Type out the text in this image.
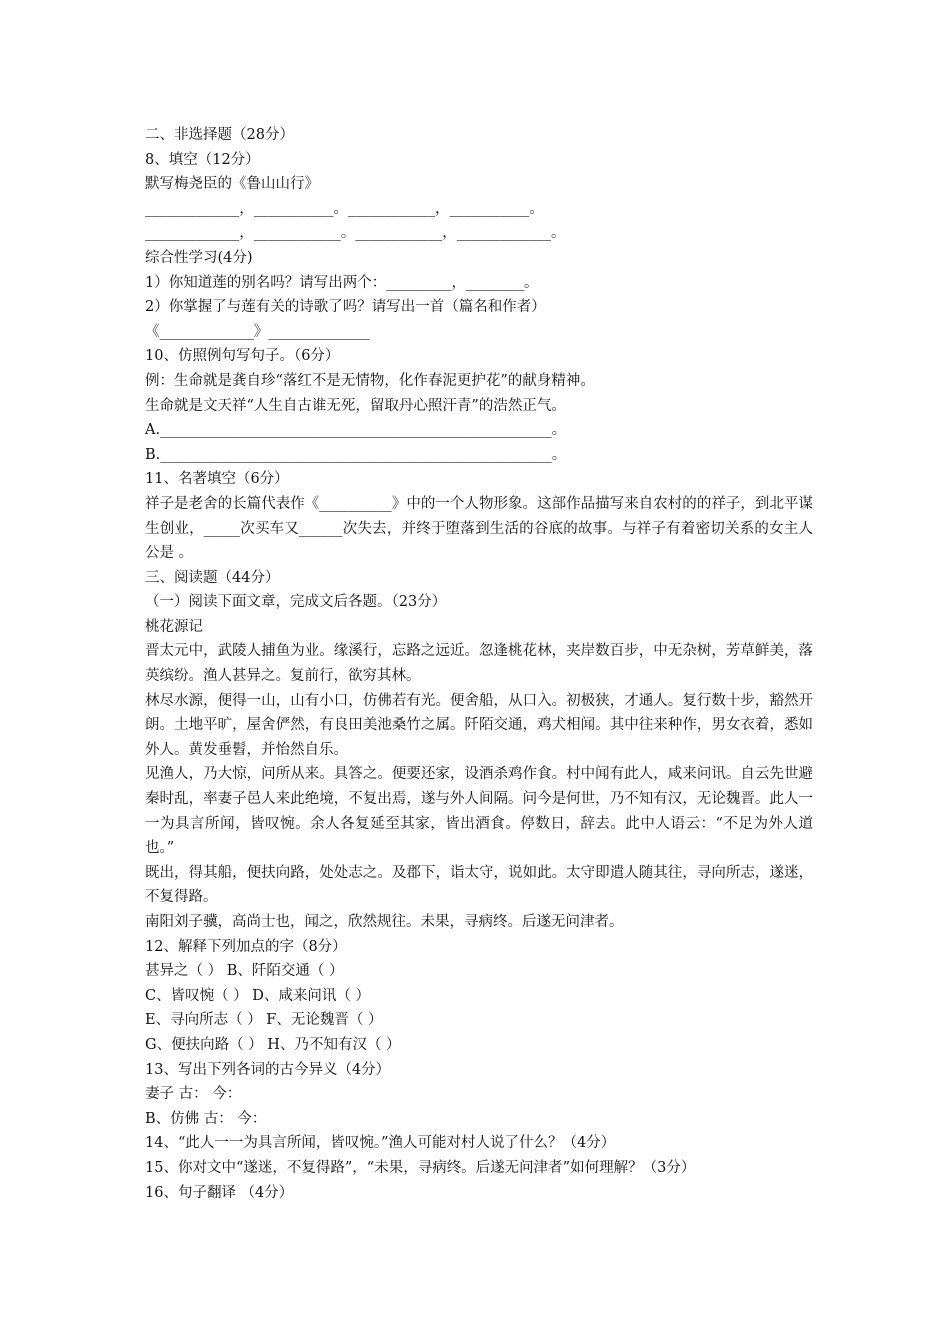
二、非选择题（28分）
8、填空（12分）
默写梅尧臣的《鲁山山行》
_____________，___________。____________，___________。
_____________，____________。____________，_____________。
综合性学习(4分)
1）你知道莲的别名吗？请写出两个：_________，________。
2）你掌握了与莲有关的诗歌了吗？请写出一首（篇名和作者）
《_____________》______________
10、仿照例句写句子。（6分）
例：生命就是龚自珍“落红不是无情物，化作春泥更护花”的献身精神。
生命就是文天祥“人生自古谁无死，留取丹心照汗青”的浩然正气。
A.______________________________________________________。
B.______________________________________________________。
11、名著填空（6分）
祥子是老舍的长篇代表作《__________》中的一个人物形象。这部作品描写来自农村的的祥子，到北平谋生创业，_____次买车又______次失去，并终于堕落到生活的谷底的故事。与祥子有着密切关系的女主人公是 。
三、阅读题（44分）
（一）阅读下面文章，完成文后各题。（23分）
桃花源记
晋太元中，武陵人捕鱼为业。缘溪行，忘路之远近。忽逢桃花林，夹岸数百步，中无杂树，芳草鲜美，落英缤纷。渔人甚异之。复前行，欲穷其林。
林尽水源，便得一山，山有小口，仿佛若有光。便舍船，从口入。初极狭，才通人。复行数十步，豁然开朗。土地平旷，屋舍俨然，有良田美池桑竹之属。阡陌交通，鸡犬相闻。其中往来种作，男女衣着，悉如外人。黄发垂髫，并怡然自乐。
见渔人，乃大惊，问所从来。具答之。便要还家，设酒杀鸡作食。村中闻有此人，咸来问讯。自云先世避秦时乱，率妻子邑人来此绝境，不复出焉，遂与外人间隔。问今是何世，乃不知有汉，无论魏晋。此人一一为具言所闻，皆叹惋。余人各复延至其家，皆出酒食。停数日，辞去。此中人语云：“不足为外人道也。”
既出，得其船，便扶向路，处处志之。及郡下，诣太守，说如此。太守即遣人随其往，寻向所志，遂迷，不复得路。
南阳刘子骥，高尚士也，闻之，欣然规往。未果，寻病终。后遂无问津者。
12、解释下列加点的字（8分）
甚异之（ ） B、阡陌交通（ ）
C、皆叹惋（ ） D、咸来问讯（ ）
E、寻向所志（ ） F、无论魏晋（ ）
G、便扶向路（ ） H、乃不知有汉（ ）
13、写出下列各词的古今异义（4分）
妻子 古： 今：
B、仿佛 古： 今：
14、“此人一一为具言所闻，皆叹惋。”渔人可能对村人说了什么？（4分）
15、你对文中“遂迷，不复得路”，“未果，寻病终。后遂无问津者”如何理解？（3分）
16、句子翻译 （4分）
